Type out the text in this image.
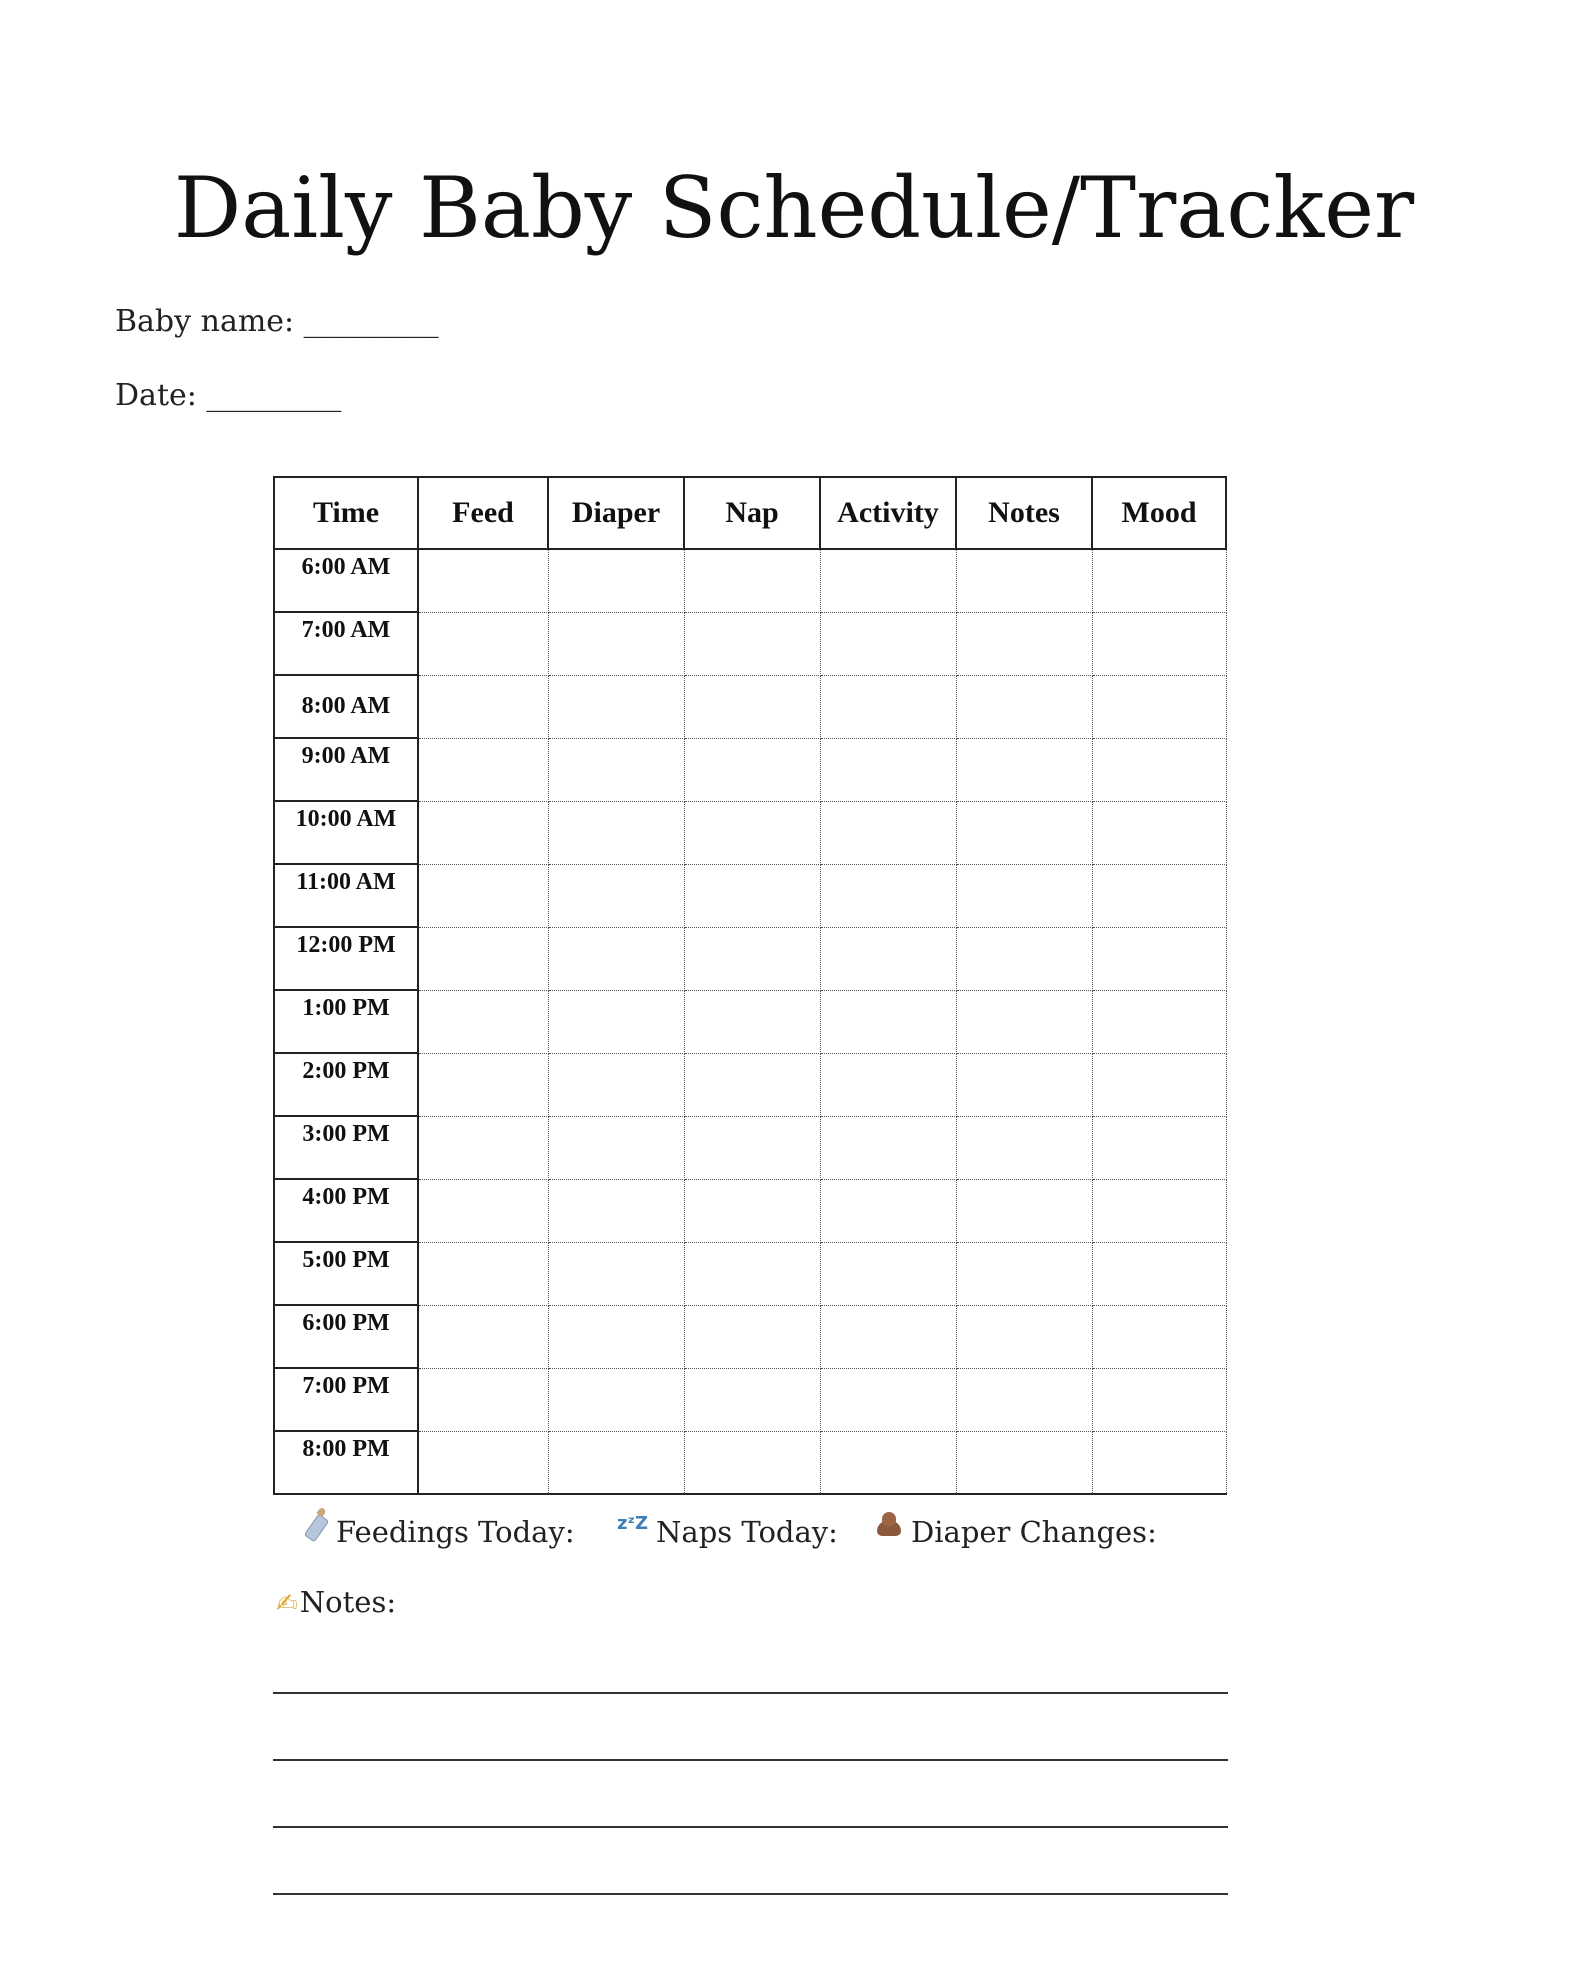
Daily Baby Schedule/Tracker
Baby name: _________
Date: _________
Time	Feed	Diaper	Nap	Activity	Notes	Mood

6:00 AM						

7:00 AM						

8:00 AM						

9:00 AM						

10:00 AM						

11:00 AM						

12:00 PM						

1:00 PM						

2:00 PM						

3:00 PM						

4:00 PM						

5:00 PM						

6:00 PM						

7:00 PM						

8:00 PM						

Feedings Today: zᶻZ Naps Today:	Diaper Changes:
✍Notes:
